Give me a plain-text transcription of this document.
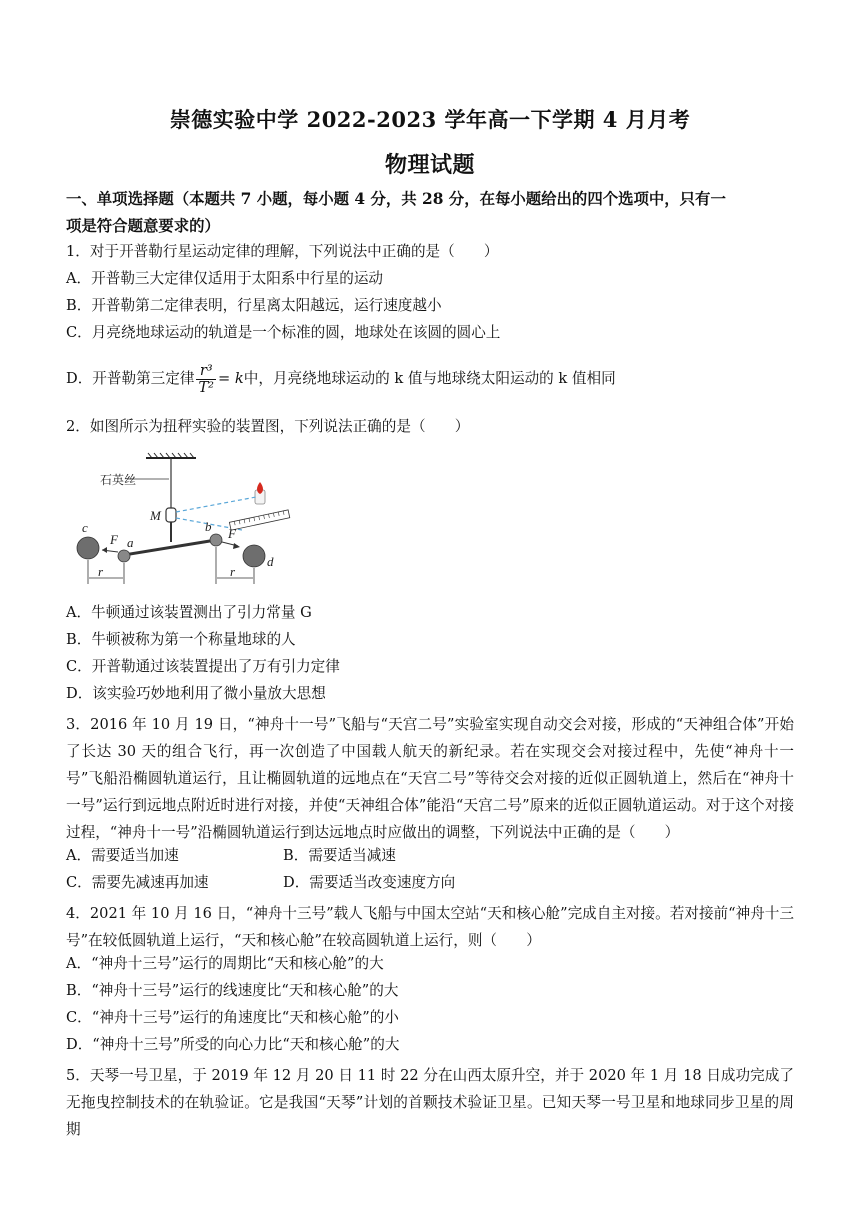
崇德实验中学 2022-2023 学年高一下学期 4 月月考
物理试题
一、单项选择题（本题共 7 小题，每小题 4 分，共 28 分，在每小题给出的四个选项中，只有一
项是符合题意要求的）
1．对于开普勒行星运动定律的理解，下列说法中正确的是（　　）
A．开普勒三大定律仅适用于太阳系中行星的运动
B．开普勒第二定律表明，行星离太阳越远，运行速度越小
C．月亮绕地球运动的轨道是一个标准的圆，地球处在该圆的圆心上
D．开普勒第三定律 $\frac{\text{r³}}{\text{T²}} = k$中，月亮绕地球运动的 k 值与地球绕太阳运动的 k 值相同
2．如图所示为扭秤实验的装置图，下列说法正确的是（　　）
石英丝
M
a
b
c
d
F	F
r	r
A．牛顿通过该装置测出了引力常量 G
B．牛顿被称为第一个称量地球的人
C．开普勒通过该装置提出了万有引力定律
D．该实验巧妙地利用了微小量放大思想
3．2016 年 10 月 19 日，“神舟十一号”飞船与“天宫二号”实验室实现自动交会对接，形成的“天神组合体”开始了长达 30 天的组合飞行，再一次创造了中国载人航天的新纪录。若在实现交会对接过程中，先使“神舟十一号”飞船沿椭圆轨道运行，且让椭圆轨道的远地点在“天宫二号”等待交会对接的近似正圆轨道上，然后在“神舟十一号”运行到远地点附近时进行对接，并使“天神组合体”能沿“天宫二号”原来的近似正圆轨道运动。对于这个对接过程，“神舟十一号”沿椭圆轨道运行到达远地点时应做出的调整，下列说法中正确的是（　　）
A．需要适当加速	B．需要适当减速
C．需要先减速再加速	D．需要适当改变速度方向
4．2021 年 10 月 16 日，“神舟十三号”载人飞船与中国太空站“天和核心舱”完成自主对接。若对接前“神舟十三号”在较低圆轨道上运行，“天和核心舱”在较高圆轨道上运行，则（　　）
A．“神舟十三号”运行的周期比“天和核心舱”的大
B．“神舟十三号”运行的线速度比“天和核心舱”的大
C．“神舟十三号”运行的角速度比“天和核心舱”的小
D．“神舟十三号”所受的向心力比“天和核心舱”的大
5．天琴一号卫星，于 2019 年 12 月 20 日 11 时 22 分在山西太原升空，并于 2020 年 1 月 18 日成功完成了无拖曳控制技术的在轨验证。它是我国“天琴”计划的首颗技术验证卫星。已知天琴一号卫星和地球同步卫星的周期
